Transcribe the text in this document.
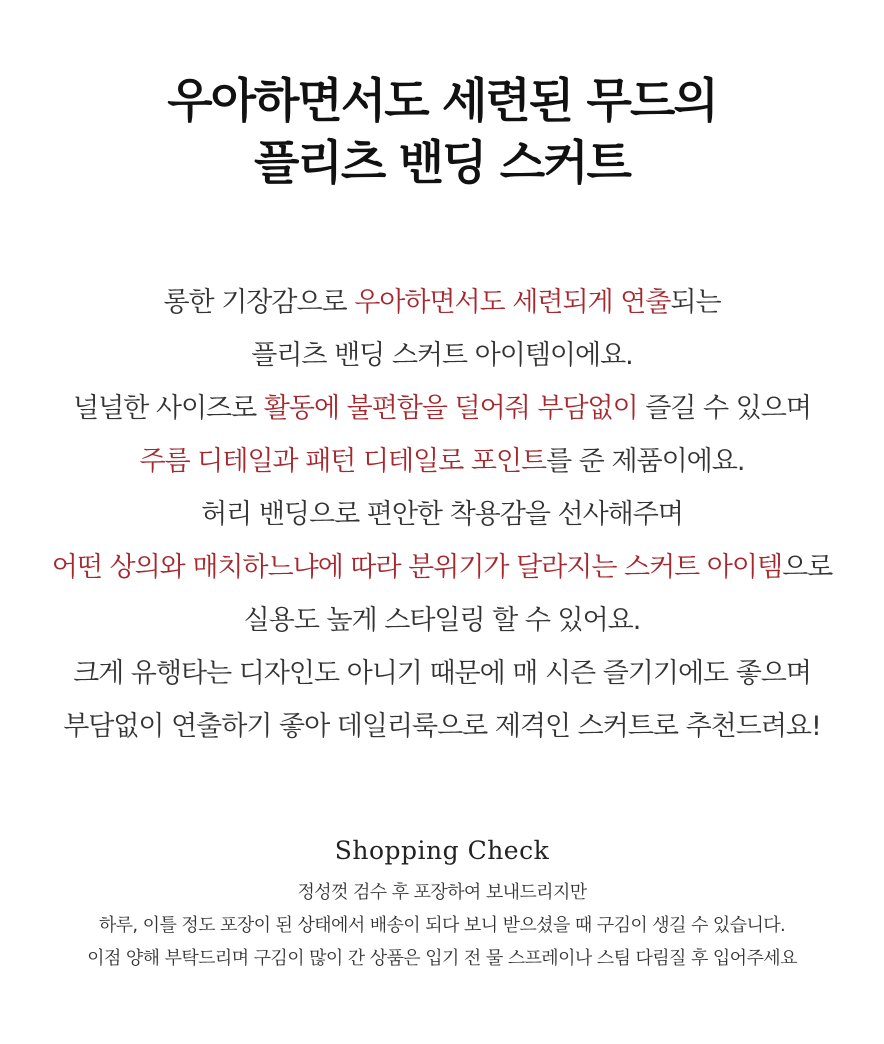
우아하면서도 세련된 무드의
플리츠 밴딩 스커트
롱한 기장감으로 우아하면서도 세련되게 연출되는
플리츠 밴딩 스커트 아이템이에요.
널널한 사이즈로 활동에 불편함을 덜어줘 부담없이 즐길 수 있으며
주름 디테일과 패턴 디테일로 포인트를 준 제품이에요.
허리 밴딩으로 편안한 착용감을 선사해주며
어떤 상의와 매치하느냐에 따라 분위기가 달라지는 스커트 아이템으로
실용도 높게 스타일링 할 수 있어요.
크게 유행타는 디자인도 아니기 때문에 매 시즌 즐기기에도 좋으며
부담없이 연출하기 좋아 데일리룩으로 제격인 스커트로 추천드려요!
Shopping Check
정성껏 검수 후 포장하여 보내드리지만
하루, 이틀 정도 포장이 된 상태에서 배송이 되다 보니 받으셨을 때 구김이 생길 수 있습니다.
이점 양해 부탁드리며 구김이 많이 간 상품은 입기 전 물 스프레이나 스팀 다림질 후 입어주세요
